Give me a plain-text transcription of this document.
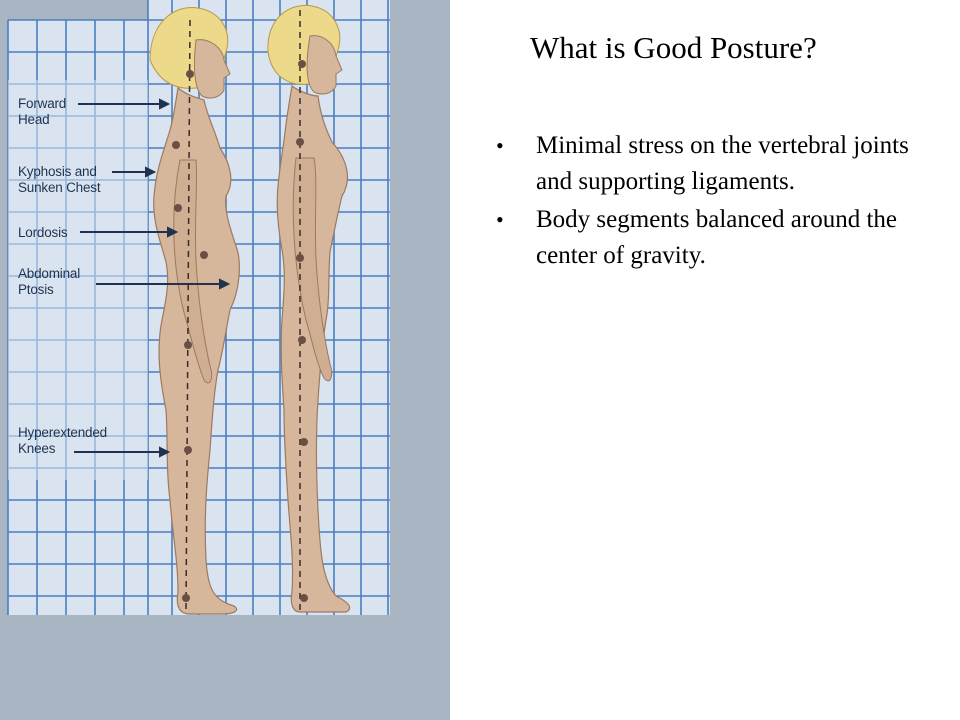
Forward
Head
Kyphosis and
Sunken Chest
Lordosis
Abdominal
Ptosis
Hyperextended
Knees
What is Good Posture?
• Minimal stress on the vertebral joints and supporting ligaments.
• Body segments balanced around the center of gravity.
